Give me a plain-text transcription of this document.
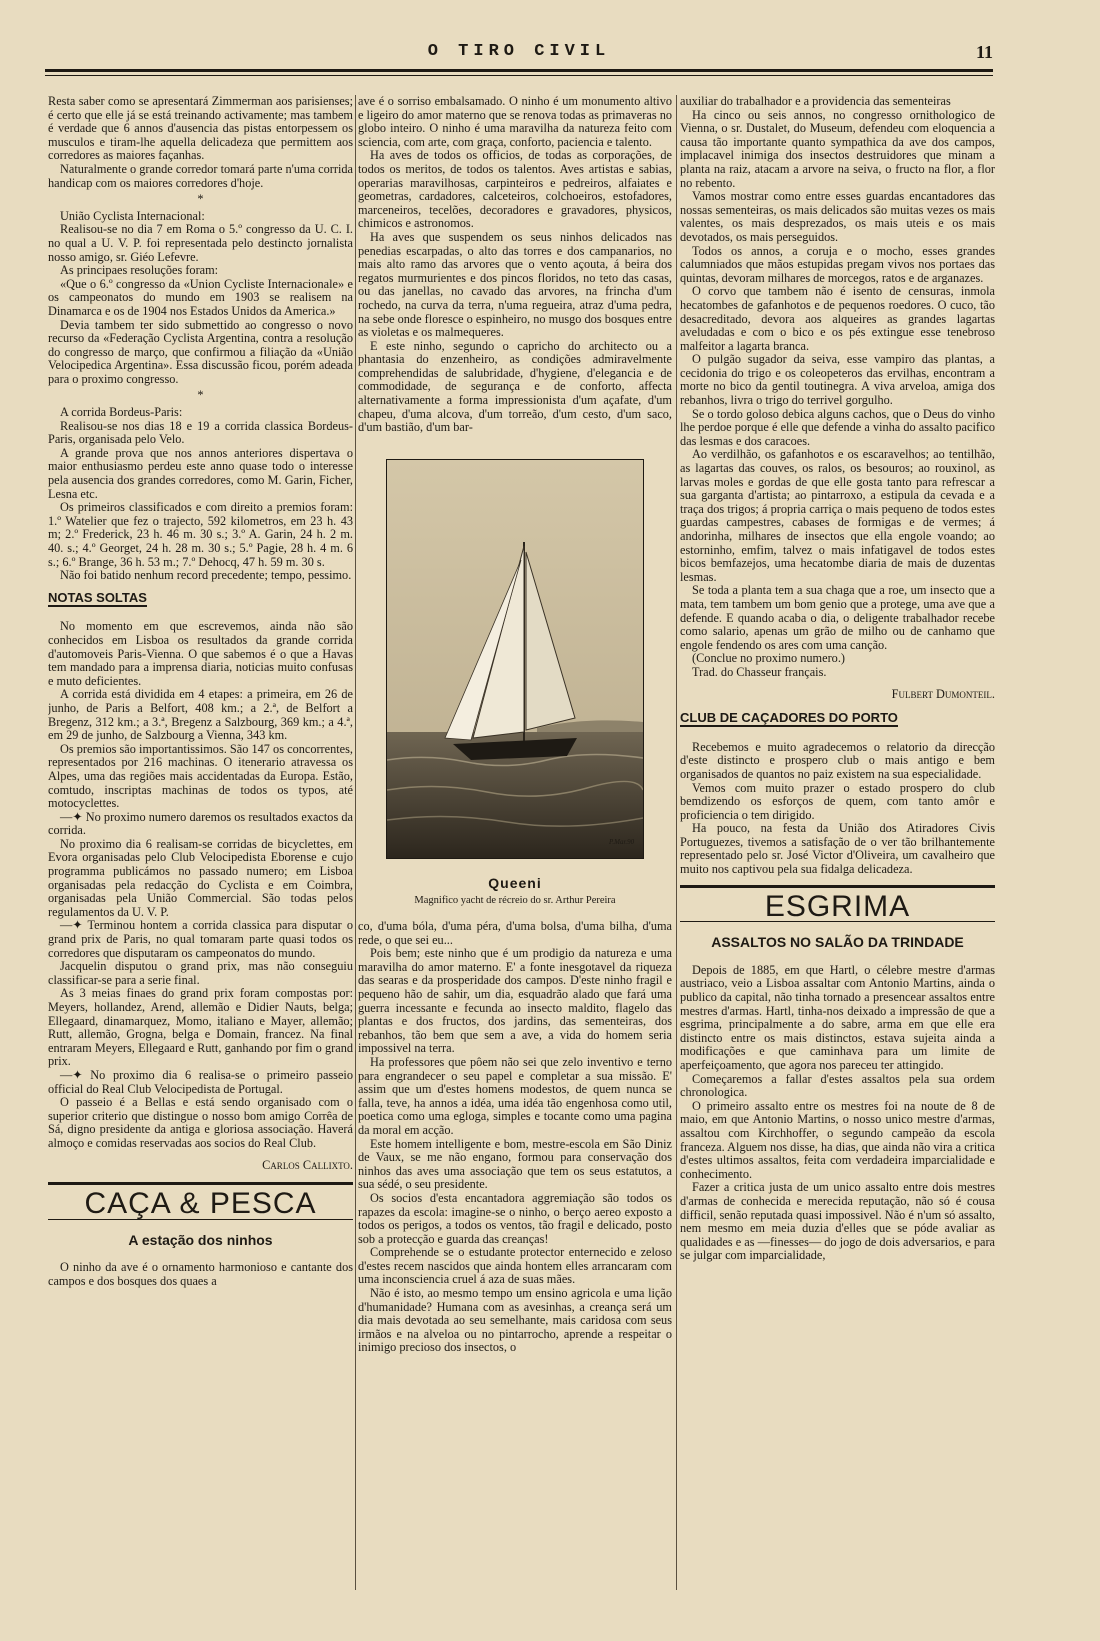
O TIRO CIVIL	11

Resta saber como se apresentará Zimmerman aos parisienses; é certo que elle já se está treinando activamente; mas tambem é verdade que 6 annos d'ausencia das pistas entorpessem os musculos e tiram-lhe aquella delicadeza que permittem aos corredores as maiores façanhas.

Naturalmente o grande corredor tomará parte n'uma corrida handicap com os maiores corredores d'hoje.

*

União Cyclista Internacional:

Realisou-se no dia 7 em Roma o 5.º congresso da U. C. I. no qual a U. V. P. foi representada pelo destincto jornalista nosso amigo, sr. Giéo Lefevre.

As principaes resoluções foram:

«Que o 6.º congresso da «Union Cycliste Internacionale» e os campeonatos do mundo em 1903 se realisem na Dinamarca e os de 1904 nos Estados Unidos da America.»

Devia tambem ter sido submettido ao congresso o novo recurso da «Federação Cyclista Argentina, contra a resolução do congresso de março, que confirmou a filiação da «União Velocipedica Argentina». Essa discussão ficou, porém adeada para o proximo congresso.

*

A corrida Bordeus-Paris:

Realisou-se nos dias 18 e 19 a corrida classica Bordeus-Paris, organisada pelo Velo.

A grande prova que nos annos anteriores dispertava o maior enthusiasmo perdeu este anno quase todo o interesse pela ausencia dos grandes corredores, como M. Garin, Ficher, Lesna etc.

Os primeiros classificados e com direito a premios foram: 1.º Watelier que fez o trajecto, 592 kilometros, em 23 h. 43 m; 2.º Frederick, 23 h. 46 m. 30 s.; 3.º A. Garin, 24 h. 2 m. 40. s.; 4.º Georget, 24 h. 28 m. 30 s.; 5.º Pagie, 28 h. 4 m. 6 s.; 6.º Brange, 36 h. 53 m.; 7.º Dehocq, 47 h. 59 m. 30 s.

Não foi batido nenhum record precedente; tempo, pessimo.

NOTAS SOLTAS

No momento em que escrevemos, ainda não são conhecidos em Lisboa os resultados da grande corrida d'automoveis Paris-Vienna. O que sabemos é o que a Havas tem mandado para a imprensa diaria, noticias muito confusas e muto deficientes.

A corrida está dividida em 4 etapes: a primeira, em 26 de junho, de Paris a Belfort, 408 km.; a 2.ª, de Belfort a Bregenz, 312 km.; a 3.ª, Bregenz a Salzbourg, 369 km.; a 4.ª, em 29 de junho, de Salzbourg a Vienna, 343 km.

Os premios são importantissimos. São 147 os concorrentes, representados por 216 machinas. O itenerario atravessa os Alpes, uma das regiões mais accidentadas da Europa. Estão, comtudo, inscriptas machinas de todos os typos, até motocyclettes.

—✦ No proximo numero daremos os resultados exactos da corrida.

No proximo dia 6 realisam-se corridas de bicyclettes, em Evora organisadas pelo Club Velocipedista Eborense e cujo programma publicámos no passado numero; em Lisboa organisadas pela redacção do Cyclista e em Coimbra, organisadas pela União Commercial. São todas pelos regulamentos da U. V. P.

—✦ Terminou hontem a corrida classica para disputar o grand prix de Paris, no qual tomaram parte quasi todos os corredores que disputaram os campeonatos do mundo.

Jacquelin disputou o grand prix, mas não conseguiu classificar-se para a serie final.

As 3 meias finaes do grand prix foram compostas por: Meyers, hollandez, Arend, allemão e Didier Nauts, belga; Ellegaard, dinamarquez, Momo, italiano e Mayer, allemão; Rutt, allemão, Grogna, belga e Domain, francez. Na final entraram Meyers, Ellegaard e Rutt, ganhando por fim o grand prix.

—✦ No proximo dia 6 realisa-se o primeiro passeio official do Real Club Velocipedista de Portugal.

O passeio é a Bellas e está sendo organisado com o superior criterio que distingue o nosso bom amigo Corrêa de Sá, digno presidente da antiga e gloriosa associação. Haverá almoço e comidas reservadas aos socios do Real Club.

Carlos Callixto.
CAÇA & PESCA
A estação dos ninhos

O ninho da ave é o ornamento harmonioso e cantante dos campos e dos bosques dos quaes a

ave é o sorriso embalsamado. O ninho é um monumento altivo e ligeiro do amor materno que se renova todas as primaveras no globo inteiro. O ninho é uma maravilha da natureza feito com sciencia, com arte, com graça, conforto, paciencia e talento.

Ha aves de todos os officios, de todas as corporações, de todos os meritos, de todos os talentos. Aves artistas e sabias, operarias maravilhosas, carpinteiros e pedreiros, alfaiates e geometras, cardadores, calceteiros, colchoeiros, estofadores, marceneiros, tecelões, decoradores e gravadores, physicos, chimicos e astronomos.

Ha aves que suspendem os seus ninhos delicados nas penedias escarpadas, o alto das torres e dos campanarios, no mais alto ramo das arvores que o vento açouta, á beira dos regatos murmurientes e dos pincos floridos, no teto das casas, ou das janellas, no cavado das arvores, na frincha d'um rochedo, na curva da terra, n'uma regueira, atraz d'uma pedra, na sebe onde floresce o espinheiro, no musgo dos bosques entre as violetas e os malmequeres.

E este ninho, segundo o capricho do architecto ou a phantasia do enzenheiro, as condições admiravelmente comprehendidas de salubridade, d'hygiene, d'elegancia e de commodidade, de segurança e de conforto, affecta alternativamente a forma impressionista d'um açafate, d'um chapeu, d'uma alcova, d'um torreão, d'um cesto, d'um saco, d'um bastião, d'um bar-

P.Mar.90
Queeni
Magnifico yacht de récreio do sr. Arthur Pereira

co, d'uma bóla, d'uma péra, d'uma bolsa, d'uma bilha, d'uma rede, o que sei eu...

Pois bem; este ninho que é um prodigio da natureza e uma maravilha do amor materno. E' a fonte inesgotavel da riqueza das searas e da prosperidade dos campos. D'este ninho fragil e pequeno hão de sahir, um dia, esquadrão alado que fará uma guerra incessante e fecunda ao insecto maldito, flagelo das plantas e dos fructos, dos jardins, das sementeiras, dos rebanhos, tão bem que sem a ave, a vida do homem seria impossivel na terra.

Ha professores que pôem não sei que zelo inventivo e terno para engrandecer o seu papel e completar a sua missão. E' assim que um d'estes homens modestos, de quem nunca se falla, teve, ha annos a idéa, uma idéa tão engenhosa como util, poetica como uma egloga, simples e tocante como uma pagina da moral em acção.

Este homem intelligente e bom, mestre-escola em São Diniz de Vaux, se me não engano, formou para conservação dos ninhos das aves uma associação que tem os seus estatutos, a sua sédé, o seu presidente.

Os socios d'esta encantadora aggremiação são todos os rapazes da escola: imagine-se o ninho, o berço aereo exposto a todos os perigos, a todos os ventos, tão fragil e delicado, posto sob a protecção e guarda das creanças!

Comprehende se o estudante protector enternecido e zeloso d'estes recem nascidos que ainda hontem elles arrancaram com uma inconsciencia cruel á aza de suas mães.

Não é isto, ao mesmo tempo um ensino agricola e uma lição d'humanidade? Humana com as avesinhas, a creança será um dia mais devotada ao seu semelhante, mais caridosa com seus irmãos e na alveloa ou no pintarrocho, aprende a respeitar o inimigo precioso dos insectos, o

auxiliar do trabalhador e a providencia das sementeiras

Ha cinco ou seis annos, no congresso ornithologico de Vienna, o sr. Dustalet, do Museum, defendeu com eloquencia a causa tão importante quanto sympathica da ave dos campos, implacavel inimiga dos insectos destruidores que minam a planta na raiz, atacam a arvore na seiva, o fructo na flor, a flor no rebento.

Vamos mostrar como entre esses guardas encantadores das nossas sementeiras, os mais delicados são muitas vezes os mais valentes, os mais desprezados, os mais uteis e os mais devotados, os mais perseguidos.

Todos os annos, a coruja e o mocho, esses grandes calumniados que mãos estupidas pregam vivos nos portaes das quintas, devoram milhares de morcegos, ratos e de arganazes.

O corvo que tambem não é isento de censuras, inmola hecatombes de gafanhotos e de pequenos roedores. O cuco, tão desacreditado, devora aos alqueires as grandes lagartas aveludadas e com o bico e os pés extingue esse tenebroso malfeitor a lagarta branca.

O pulgão sugador da seiva, esse vampiro das plantas, a cecidonia do trigo e os coleopeteros das ervilhas, encontram a morte no bico da gentil toutinegra. A viva arveloa, amiga dos rebanhos, livra o trigo do terrivel gorgulho.

Se o tordo goloso debica alguns cachos, que o Deus do vinho lhe perdoe porque é elle que defende a vinha do assalto pacifico das lesmas e dos caracoes.

Ao verdilhão, os gafanhotos e os escaravelhos; ao tentilhão, as lagartas das couves, os ralos, os besouros; ao rouxinol, as larvas moles e gordas de que elle gosta tanto para refrescar a sua garganta d'artista; ao pintarroxo, a estipula da cevada e a traça dos trigos; á propria carriça o mais pequeno de todos estes guardas campestres, cabases de formigas e de vermes; á andorinha, milhares de insectos que ella engole voando; ao estorninho, emfim, talvez o mais infatigavel de todos estes bicos bemfazejos, uma hecatombe diaria de mais de duzentas lesmas.

Se toda a planta tem a sua chaga que a roe, um insecto que a mata, tem tambem um bom genio que a protege, uma ave que a defende. E quando acaba o dia, o deligente trabalhador recebe como salario, apenas um grão de milho ou de canhamo que engole fendendo os ares com uma canção.

(Conclue no proximo numero.)

Trad. do Chasseur français.

Fulbert Dumonteil.
CLUB DE CAÇADORES DO PORTO

Recebemos e muito agradecemos o relatorio da direcção d'este distincto e prospero club o mais antigo e bem organisados de quantos no paiz existem na sua especialidade.

Vemos com muito prazer o estado prospero do club bemdizendo os esforços de quem, com tanto amôr e proficiencia o tem dirigido.

Ha pouco, na festa da União dos Atiradores Civis Portuguezes, tivemos a satisfação de o ver tão brilhantemente representado pelo sr. José Victor d'Oliveira, um cavalheiro que muito nos captivou pela sua fidalga delicadeza.

ESGRIMA
ASSALTOS NO SALÃO DA TRINDADE

Depois de 1885, em que Hartl, o célebre mestre d'armas austriaco, veio a Lisboa assaltar com Antonio Martins, ainda o publico da capital, não tinha tornado a presencear assaltos entre mestres d'armas. Hartl, tinha-nos deixado a impressão de que a esgrima, principalmente a do sabre, arma em que elle era distincto entre os mais distinctos, estava sujeita ainda a modificações e que caminhava para um limite de aperfeiçoamento, que agora nos pareceu ter attingido.

Começaremos a fallar d'estes assaltos pela sua ordem chronologica.

O primeiro assalto entre os mestres foi na noute de 8 de maio, em que Antonio Martins, o nosso unico mestre d'armas, assaltou com Kirchhoffer, o segundo campeão da escola franceza. Alguem nos disse, ha dias, que ainda não vira a critica d'estes ultimos assaltos, feita com verdadeira imparcialidade e conhecimento.

Fazer a critica justa de um unico assalto entre dois mestres d'armas de conhecida e merecida reputação, não só é cousa difficil, senão reputada quasi impossivel. Não é n'um só assalto, nem mesmo em meia duzia d'elles que se póde avaliar as qualidades e as —finesses— do jogo de dois adversarios, e para se julgar com imparcialidade,
